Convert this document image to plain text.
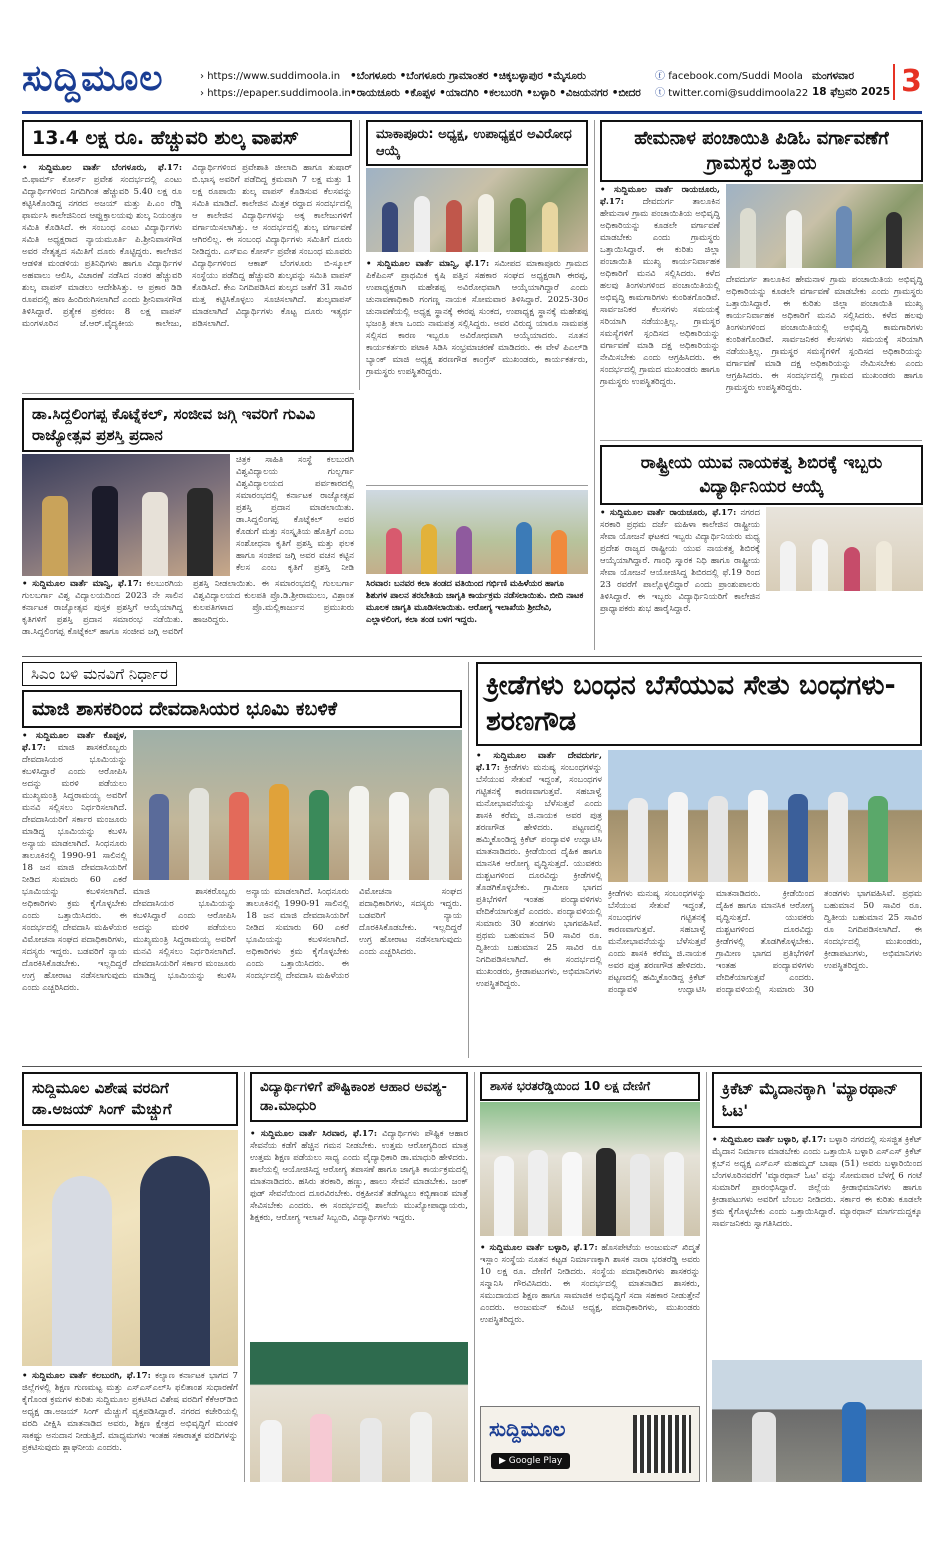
ಸುದ್ದಿಮೂಲ	› https://www.suddimoola.in
› https://epaper.suddimoola.in
•ಬೆಂಗಳೂರು •ಬೆಂಗಳೂರು ಗ್ರಾಮಾಂತರ •ಚಿಕ್ಕಬಳ್ಳಾಪುರ •ಮೈಸೂರು
•ರಾಯಚೂರು •ಕೊಪ್ಪಳ •ಯಾದಗಿರಿ •ಕಲಬುರಗಿ •ಬಳ್ಳಾರಿ •ವಿಜಯನಗರ •ಬೀದರ
ⓕ facebook.com/Suddi Moola
ⓣ twitter.comi@suddimoola22
ಮಂಗಳವಾರ
18 ಫೆಬ್ರವರಿ 2025 3
13.4 ಲಕ್ಷ ರೂ. ಹೆಚ್ಚುವರಿ ಶುಲ್ಕ ವಾಪಸ್
• ಸುದ್ದಿಮೂಲ ವಾರ್ತೆ ಬೆಂಗಳೂರು, ಫೆ.17: ಬಿ.ಫಾರ್ಮ್ ಕೋರ್ಸ್ ಪ್ರವೇಶ ಸಂದರ್ಭದಲ್ಲಿ ಎಂಟು ವಿದ್ಯಾರ್ಥಿಗಳಿಂದ ನಿಗದಿಗಿಂತ ಹೆಚ್ಚುವರಿ 5.40 ಲಕ್ಷ ರೂ ಕಟ್ಟಿಸಿಕೊಂಡಿದ್ದ ನಗರದ ಅಜಯ್‌ ಮತ್ತು ಪಿ.ಎಂ ರೆಡ್ಡಿ ಫಾರ್ಮಸಿ ಕಾಲೇಜಿನಿಂದ ಆಪ್ಷುಕ್ತಾಲಯವು ಶುಲ್ಕ ನಿಯಂತ್ರಣ ಸಮಿತಿ ಕೊಡಿಸಿದೆ. ಈ ಸಂಬಂಧ ಎಂಟು ವಿದ್ಯಾರ್ಥಿಗಳು ಸಮಿತಿ ಅಧ್ಯಕ್ಷರಾದ ನ್ಯಾಯಮೂರ್ತಿ ಪಿ.ಶ್ರೀನಿವಾಸಗೌಡ ಅವರ ನೇತೃತ್ವದ ಸಮಿತಿಗೆ ದೂರು ಕೊಟ್ಟಿದ್ದರು. ಕಾಲೇಜಿನ ಆಡಳಿತ ಮಂಡಳಿಯ ಪ್ರತಿನಿಧಿಗಳು ಹಾಗೂ ವಿದ್ಯಾರ್ಥಿಗಳ ಅಹವಾಲು ಆಲಿಸಿ, ವಿಚಾರಣೆ ನಡೆಸಿದ ನಂತರ ಹೆಚ್ಚುವರಿ ಶುಲ್ಕ ವಾಪಸ್‌ ಮಾಡಲು ಆದೇಶಿಸಿತ್ತು. ಆ ಪ್ರಕಾರ ಡಿಡಿ ರೂಪದಲ್ಲಿ ಹಣ ಹಿಂದಿರುಗಿಸಲಾಗಿದೆ ಎಂದು ಶ್ರೀನಿವಾಸಗೌಡ ತಿಳಿಸಿದ್ದಾರೆ. ಪ್ರತ್ಯೇಕ ಪ್ರಕರಣ: 8 ಲಕ್ಷ ವಾಪಸ್ ಮಂಗಳೂರಿನ ಜೆ.ಆರ್.ವೈದ್ಯಕೀಯ ಕಾಲೇಜು, ವಿದ್ಯಾರ್ಥಿಗಳಿಂದ ಪ್ರವೇಶಾತಿ ಜೀಲಾದಿ ಹಾಗೂ ತುಷಾರ್ ಬಿ.ಭಾಸ್ಕ ಅವರಿಗೆ ಪಡೆದಿದ್ದ ಕ್ರಮವಾಗಿ 7 ಲಕ್ಷ ಮತ್ತು 1 ಲಕ್ಷ ರೂಪಾಯಿ ಶುಲ್ಕ ವಾಪಸ್ ಕೊಡಿಸುವ ಕೆಲಸವನ್ನು ಸಮಿತಿ ಮಾಡಿದೆ. ಕಾಲೇಜಿನ ಮಿತ್ತಕ ರದ್ದಾದ ಸಂದರ್ಭದಲ್ಲಿ ಆ ಕಾಲೇಜಿನ ವಿದ್ಯಾರ್ಥಿಗಳನ್ನು ಅಕ್ಕ ಕಾಲೇಜುಗಳಿಗೆ ವರ್ಗಾಯಿಸಲಾಗಿತ್ತು. ಆ ಸಂದರ್ಭದಲ್ಲಿ ಶುಲ್ಕ ವರ್ಗಾವಣೆ ಆಗಿರಲಿಲ್ಲ. ಈ ಸಂಬಂಧ ವಿದ್ಯಾರ್ಥಿಗಳು ಸಮಿತಿಗೆ ದೂರು ನೀಡಿದ್ದರು. ಎಸ್ಐಎ ಕೋರ್ಸ್ ಪ್ರವೇಶ ಸಂಬಂಧ ಮೂವರು ವಿದ್ಯಾರ್ಥಿಗಳಿಂದ ಆಕಾಶ್ ಬೆಂಗಳೂರು ಬಿ-ಸ್ಕೂಲ್ ಸಂಸ್ಥೆಯು ಪಡೆದಿದ್ದ ಹೆಚ್ಚುವರಿ ಶುಲ್ಕವನ್ನು ಸಮಿತಿ ವಾಪಸ್ ಕೊಡಿಸಿದೆ. ಕೇಎ ನಿಗದಿಪಡಿಸಿದ ಶುಲ್ಕದ ಜತೆಗೆ 31 ಸಾವಿರ ಮತ್ತ ಕಟ್ಟಿಸಿಕೊಳ್ಳಲು ಸೂಚಿಸಲಾಗಿದೆ. ಶುಲ್ಕವಾಪಸ್ ಮಾಡಲಾಗಿದೆ ವಿದ್ಯಾರ್ಥಿಗಳು ಕೊಟ್ಟ ದೂರು ಇತ್ಯರ್ಥ ಪಡಿಸಲಾಗಿದೆ.
ಮಾಕಾಪೂರು: ಅಧ್ಯಕ್ಷ, ಉಪಾಧ್ಯಕ್ಷರ ಅವಿರೋಧ ಆಯ್ಕೆ
• ಸುದ್ದಿಮೂಲ ವಾರ್ತೆ ಮಾನ್ವಿ, ಫೆ.17: ಸಮೀಪದ ಮಾಕಾಪೂರು ಗ್ರಾಮದ ಪಿಕೆಪಿಎಸ್ ಪ್ರಾಥಮಿಕ ಕೃಷಿ ಪತ್ತಿನ ಸಹಕಾರ ಸಂಘದ ಅಧ್ಯಕ್ಷರಾಗಿ ಈರಪ್ಪ, ಉಪಾಧ್ಯಕ್ಷರಾಗಿ ಮಹೇಶಪ್ಪ ಅವಿರೋಧವಾಗಿ ಆಯ್ಕೆಯಾಗಿದ್ದಾರೆ ಎಂದು ಚುನಾವಣಾಧಿಕಾರಿ ಗಂಗಣ್ಣ ನಾಯಕ ಸೋಮವಾರ ತಿಳಿಸಿದ್ದಾರೆ. 2025-30ರ ಚುನಾವಣೆಯಲ್ಲಿ ಅಧ್ಯಕ್ಷ ಸ್ಥಾನಕ್ಕೆ ಈರಪ್ಪ ಸುಂಕದ, ಉಪಾಧ್ಯಕ್ಷ ಸ್ಥಾನಕ್ಕೆ ಮಹೇಶಪ್ಪ ಭಜಂತ್ರಿ ತಲಾ ಒಂದು ನಾಮಪತ್ರ ಸಲ್ಲಿಸಿದ್ದರು. ಅವರ ವಿರುದ್ಧ ಯಾರೂ ನಾಮಪತ್ರ ಸಲ್ಲಿಸದ ಕಾರಣ ಇಬ್ಬರೂ ಅವಿರೋಧವಾಗಿ ಆಯ್ಕೆಯಾದರು. ನೂತನ ಕಾರ್ಯಕರ್ತರು ಪಟಾಕಿ ಸಿಡಿಸಿ ಸಂಭ್ರಮಾಚರಣೆ ಮಾಡಿದರು. ಈ ವೇಳೆ ಪಿಎಲ್‌ಡಿ ಬ್ಯಾಂಕ್ ಮಾಜಿ ಅಧ್ಯಕ್ಷ ಶರಣಗೌಡ ಕಾಂಗ್ರೆಸ್ ಮುಖಂಡರು, ಕಾರ್ಯಕರ್ತರು, ಗ್ರಾಮಸ್ಥರು ಉಪಸ್ಥಿತರಿದ್ದರು.
ಹೇಮನಾಳ ಪಂಚಾಯಿತಿ ಪಿಡಿಓ ವರ್ಗಾವಣೆಗೆ ಗ್ರಾಮಸ್ಥರ ಒತ್ತಾಯ
• ಸುದ್ದಿಮೂಲ ವಾರ್ತೆ ರಾಯಚೂರು, ಫೆ.17: ದೇವದುರ್ಗ ತಾಲೂಕಿನ ಹೇಮನಾಳ ಗ್ರಾಮ ಪಂಚಾಯಿತಿಯ ಅಭಿವೃದ್ಧಿ ಅಧಿಕಾರಿಯನ್ನು ಕೂಡಲೇ ವರ್ಗಾವಣೆ ಮಾಡಬೇಕು ಎಂದು ಗ್ರಾಮಸ್ಥರು ಒತ್ತಾಯಿಸಿದ್ದಾರೆ. ಈ ಕುರಿತು ಜಿಲ್ಲಾ ಪಂಚಾಯಿತಿ ಮುಖ್ಯ ಕಾರ್ಯನಿರ್ವಾಹಕ ಅಧಿಕಾರಿಗೆ ಮನವಿ ಸಲ್ಲಿಸಿದರು. ಕಳೆದ ಹಲವು ತಿಂಗಳುಗಳಿಂದ ಪಂಚಾಯಿತಿಯಲ್ಲಿ ಅಭಿವೃದ್ಧಿ ಕಾಮಗಾರಿಗಳು ಕುಂಠಿತಗೊಂಡಿವೆ. ಸಾರ್ವಜನಿಕರ ಕೆಲಸಗಳು ಸಮಯಕ್ಕೆ ಸರಿಯಾಗಿ ನಡೆಯುತ್ತಿಲ್ಲ. ಗ್ರಾಮಸ್ಥರ ಸಮಸ್ಯೆಗಳಿಗೆ ಸ್ಪಂದಿಸದ ಅಧಿಕಾರಿಯನ್ನು ವರ್ಗಾವಣೆ ಮಾಡಿ ದಕ್ಷ ಅಧಿಕಾರಿಯನ್ನು ನೇಮಿಸಬೇಕು ಎಂದು ಆಗ್ರಹಿಸಿದರು. ಈ ಸಂದರ್ಭದಲ್ಲಿ ಗ್ರಾಮದ ಮುಖಂಡರು ಹಾಗೂ ಗ್ರಾಮಸ್ಥರು ಉಪಸ್ಥಿತರಿದ್ದರು.
ದೇವದುರ್ಗ ತಾಲೂಕಿನ ಹೇಮನಾಳ ಗ್ರಾಮ ಪಂಚಾಯಿತಿಯ ಅಭಿವೃದ್ಧಿ ಅಧಿಕಾರಿಯನ್ನು ಕೂಡಲೇ ವರ್ಗಾವಣೆ ಮಾಡಬೇಕು ಎಂದು ಗ್ರಾಮಸ್ಥರು ಒತ್ತಾಯಿಸಿದ್ದಾರೆ. ಈ ಕುರಿತು ಜಿಲ್ಲಾ ಪಂಚಾಯಿತಿ ಮುಖ್ಯ ಕಾರ್ಯನಿರ್ವಾಹಕ ಅಧಿಕಾರಿಗೆ ಮನವಿ ಸಲ್ಲಿಸಿದರು. ಕಳೆದ ಹಲವು ತಿಂಗಳುಗಳಿಂದ ಪಂಚಾಯಿತಿಯಲ್ಲಿ ಅಭಿವೃದ್ಧಿ ಕಾಮಗಾರಿಗಳು ಕುಂಠಿತಗೊಂಡಿವೆ. ಸಾರ್ವಜನಿಕರ ಕೆಲಸಗಳು ಸಮಯಕ್ಕೆ ಸರಿಯಾಗಿ ನಡೆಯುತ್ತಿಲ್ಲ. ಗ್ರಾಮಸ್ಥರ ಸಮಸ್ಯೆಗಳಿಗೆ ಸ್ಪಂದಿಸದ ಅಧಿಕಾರಿಯನ್ನು ವರ್ಗಾವಣೆ ಮಾಡಿ ದಕ್ಷ ಅಧಿಕಾರಿಯನ್ನು ನೇಮಿಸಬೇಕು ಎಂದು ಆಗ್ರಹಿಸಿದರು. ಈ ಸಂದರ್ಭದಲ್ಲಿ ಗ್ರಾಮದ ಮುಖಂಡರು ಹಾಗೂ ಗ್ರಾಮಸ್ಥರು ಉಪಸ್ಥಿತರಿದ್ದರು.
ಡಾ.ಸಿದ್ದಲಿಂಗಪ್ಪ ಕೊಟ್ನೆಕಲ್, ಸಂಜೀವ ಜಗ್ಗಿ ಇವರಿಗೆ ಗುವಿವಿ ರಾಜ್ಯೋತ್ಸವ ಪ್ರಶಸ್ತಿ ಪ್ರದಾನ
ಚಿತ್ರಕ ಸಾಹಿತಿ ಸಂಸ್ಥೆ ಕಲಬುರಗಿ ವಿಶ್ವವಿದ್ಯಾಲಯ ಗುಲ್ಬರ್ಗಾ ವಿಶ್ವವಿದ್ಯಾಲಯದ ಪರ್ವಕಾರದಲ್ಲಿ ಸಮಾರಂಭದಲ್ಲಿ ಕರ್ನಾಟಕ ರಾಜ್ಯೋತ್ಸವ ಪ್ರಶಸ್ತಿ ಪ್ರದಾನ ಮಾಡಲಾಯಿತು. ಡಾ.ಸಿದ್ದಲಿಂಗಪ್ಪ ಕೊಟ್ನೆಕಲ್ ಅವರ ಕೊಡುಗೆ ಮತ್ತು ಸಂಸ್ಕೃತಿಯ ಹೊತ್ತಿಗೆ ಎಂಬ ಸಂಶೋಧನಾ ಕೃತಿಗೆ ಪ್ರಶಸ್ತಿ ಮತ್ತು ಫಲಕ ಹಾಗೂ ಸಂಜೀವ ಜಗ್ಗಿ ಅವರ ವಚನ ಕಟ್ಟಿನ ಕೆಲಸ ಎಂಬ ಕೃತಿಗೆ ಪ್ರಶಸ್ತಿ ನೀಡಿ
• ಸುದ್ದಿಮೂಲ ವಾರ್ತೆ ಮಾನ್ವಿ, ಫೆ.17: ಕಲಬುರಗಿಯ ಗುಲಬರ್ಗಾ ವಿಶ್ವ ವಿದ್ಯಾಲಯದಿಂದ 2023 ನೇ ಸಾಲಿನ ಕರ್ನಾಟಕ ರಾಜ್ಯೋತ್ಸವ ಪುಸ್ತಕ ಪ್ರಶಸ್ತಿಗೆ ಆಯ್ಕೆಯಾಗಿದ್ದ ಕೃತಿಗಳಿಗೆ ಪ್ರಶಸ್ತಿ ಪ್ರದಾನ ಸಮಾರಂಭ ನಡೆಯಿತು. ಡಾ.ಸಿದ್ದಲಿಂಗಪ್ಪ ಕೊಟ್ನೆಕಲ್ ಹಾಗೂ ಸಂಜೀವ ಜಗ್ಗಿ ಅವರಿಗೆ ಪ್ರಶಸ್ತಿ ನೀಡಲಾಯಿತು. ಈ ಸಮಾರಂಭದಲ್ಲಿ ಗುಲಬರ್ಗಾ ವಿಶ್ವವಿದ್ಯಾಲಯದ ಕುಲಪತಿ ಪ್ರೊ.ಡಿ.ಶ್ರೀರಾಮುಲು, ವಿಶ್ರಾಂತ ಕುಲಪತಿಗಳಾದ ಪ್ರೊ.ಮಲ್ಲಿಕಾರ್ಜುನ ಪ್ರಮುಖರು ಹಾಜರಿದ್ದರು.
ಸಿರವಾರ: ಬನವರ ಕಲಾ ತಂಡದ ವತಿಯಿಂದ ಗರ್ಭಿಣಿ ಮಹಿಳೆಯರ ಹಾಗೂ ಶಿಶುಗಳ ಪಾಲನ ತರಬೇತಿಯ ಜಾಗೃತಿ ಕಾರ್ಯಕ್ರಮ ನಡೆಸಲಾಯಿತು. ಬೀದಿ ನಾಟಕ ಮೂಲಕ ಜಾಗೃತಿ ಮೂಡಿಸಲಾಯಿತು. ಆರೋಗ್ಯ ಇಲಾಖೆಯ ಶ್ರೀದೇವಿ, ಎಲ್ಲಾಳಲಿಂಗ, ಕಲಾ ತಂಡ ಬಳಗ ಇದ್ದರು.
ರಾಷ್ಟ್ರೀಯ ಯುವ ನಾಯಕತ್ವ ಶಿಬಿರಕ್ಕೆ ಇಬ್ಬರು ವಿದ್ಯಾರ್ಥಿನಿಯರ ಆಯ್ಕೆ
• ಸುದ್ದಿಮೂಲ ವಾರ್ತೆ ರಾಯಚೂರು, ಫೆ.17: ನಗರದ ಸರಕಾರಿ ಪ್ರಥಮ ದರ್ಜೆ ಮಹಿಳಾ ಕಾಲೇಜಿನ ರಾಷ್ಟ್ರೀಯ ಸೇವಾ ಯೋಜನೆ ಘಟಕದ ಇಬ್ಬರು ವಿದ್ಯಾರ್ಥಿನಿಯರು ಮಧ್ಯ ಪ್ರದೇಶ ರಾಜ್ಯದ ರಾಷ್ಟ್ರೀಯ ಯುವ ನಾಯಕತ್ವ ಶಿಬಿರಕ್ಕೆ ಆಯ್ಕೆಯಾಗಿದ್ದಾರೆ. ಗಾಂಧಿ ಸ್ಮಾರಕ ನಿಧಿ ಹಾಗೂ ರಾಷ್ಟ್ರೀಯ ಸೇವಾ ಯೋಜನೆ ಆಯೋಜಿಸಿದ್ದ ಶಿಬಿರದಲ್ಲಿ ಫೆ.19 ರಿಂದ 23 ರವರೆಗೆ ಪಾಲ್ಗೊಳ್ಳಲಿದ್ದಾರೆ ಎಂದು ಪ್ರಾಂಶುಪಾಲರು ತಿಳಿಸಿದ್ದಾರೆ. ಈ ಇಬ್ಬರು ವಿದ್ಯಾರ್ಥಿನಿಯರಿಗೆ ಕಾಲೇಜಿನ ಪ್ರಾಧ್ಯಾಪಕರು ಶುಭ ಹಾರೈಸಿದ್ದಾರೆ.
ಸಿಎಂ ಬಳಿ ಮನವಿಗೆ ನಿರ್ಧಾರ
ಮಾಜಿ ಶಾಸಕರಿಂದ ದೇವದಾಸಿಯರ ಭೂಮಿ ಕಬಳಿಕೆ
• ಸುದ್ದಿಮೂಲ ವಾರ್ತೆ ಕೊಪ್ಪಳ, ಫೆ.17: ಮಾಜಿ ಶಾಸಕರೊಬ್ಬರು ದೇವದಾಸಿಯರ ಭೂಮಿಯನ್ನು ಕಬಳಿಸಿದ್ದಾರೆ ಎಂದು ಆರೋಪಿಸಿ ಅದನ್ನು ಮರಳಿ ಪಡೆಯಲು ಮುಖ್ಯಮಂತ್ರಿ ಸಿದ್ದರಾಮಯ್ಯ ಅವರಿಗೆ ಮನವಿ ಸಲ್ಲಿಸಲು ನಿರ್ಧರಿಸಲಾಗಿದೆ. ದೇವದಾಸಿಯರಿಗೆ ಸರ್ಕಾರ ಮಂಜೂರು ಮಾಡಿದ್ದ ಭೂಮಿಯನ್ನು ಕಬಳಿಸಿ ಅನ್ಯಾಯ ಮಾಡಲಾಗಿದೆ. ಸಿಂಧನೂರು ತಾಲೂಕಿನಲ್ಲಿ 1990-91 ಸಾಲಿನಲ್ಲಿ 18 ಜನ ಮಾಜಿ ದೇವದಾಸಿಯರಿಗೆ ನೀಡಿದ ಸುಮಾರು 60 ಎಕರೆ ಭೂಮಿಯನ್ನು ಕಬಳಿಸಲಾಗಿದೆ. ಅಧಿಕಾರಿಗಳು ಕ್ರಮ ಕೈಗೊಳ್ಳಬೇಕು ಎಂದು ಒತ್ತಾಯಿಸಿದರು. ಈ ಸಂದರ್ಭದಲ್ಲಿ ದೇವದಾಸಿ ಮಹಿಳೆಯರ ವಿಮೋಚನಾ ಸಂಘದ ಪದಾಧಿಕಾರಿಗಳು, ಸದಸ್ಯರು ಇದ್ದರು. ಬಡವರಿಗೆ ನ್ಯಾಯ ದೊರಕಿಸಿಕೊಡಬೇಕು. ಇಲ್ಲದಿದ್ದರೆ ಉಗ್ರ ಹೋರಾಟ ನಡೆಸಲಾಗುವುದು ಎಂದು ಎಚ್ಚರಿಸಿದರು.
ಮಾಜಿ ಶಾಸಕರೊಬ್ಬರು ದೇವದಾಸಿಯರ ಭೂಮಿಯನ್ನು ಕಬಳಿಸಿದ್ದಾರೆ ಎಂದು ಆರೋಪಿಸಿ ಅದನ್ನು ಮರಳಿ ಪಡೆಯಲು ಮುಖ್ಯಮಂತ್ರಿ ಸಿದ್ದರಾಮಯ್ಯ ಅವರಿಗೆ ಮನವಿ ಸಲ್ಲಿಸಲು ನಿರ್ಧರಿಸಲಾಗಿದೆ. ದೇವದಾಸಿಯರಿಗೆ ಸರ್ಕಾರ ಮಂಜೂರು ಮಾಡಿದ್ದ ಭೂಮಿಯನ್ನು ಕಬಳಿಸಿ ಅನ್ಯಾಯ ಮಾಡಲಾಗಿದೆ. ಸಿಂಧನೂರು ತಾಲೂಕಿನಲ್ಲಿ 1990-91 ಸಾಲಿನಲ್ಲಿ 18 ಜನ ಮಾಜಿ ದೇವದಾಸಿಯರಿಗೆ ನೀಡಿದ ಸುಮಾರು 60 ಎಕರೆ ಭೂಮಿಯನ್ನು ಕಬಳಿಸಲಾಗಿದೆ. ಅಧಿಕಾರಿಗಳು ಕ್ರಮ ಕೈಗೊಳ್ಳಬೇಕು ಎಂದು ಒತ್ತಾಯಿಸಿದರು. ಈ ಸಂದರ್ಭದಲ್ಲಿ ದೇವದಾಸಿ ಮಹಿಳೆಯರ ವಿಮೋಚನಾ ಸಂಘದ ಪದಾಧಿಕಾರಿಗಳು, ಸದಸ್ಯರು ಇದ್ದರು. ಬಡವರಿಗೆ ನ್ಯಾಯ ದೊರಕಿಸಿಕೊಡಬೇಕು. ಇಲ್ಲದಿದ್ದರೆ ಉಗ್ರ ಹೋರಾಟ ನಡೆಸಲಾಗುವುದು ಎಂದು ಎಚ್ಚರಿಸಿದರು.
ಕ್ರೀಡೆಗಳು ಬಂಧನ ಬೆಸೆಯುವ ಸೇತು ಬಂಧಗಳು-ಶರಣಗೌಡ
• ಸುದ್ದಿಮೂಲ ವಾರ್ತೆ ದೇವದುರ್ಗ, ಫೆ.17: ಕ್ರೀಡೆಗಳು ಮನುಷ್ಯ ಸಂಬಂಧಗಳನ್ನು ಬೆಸೆಯುವ ಸೇತುವೆ ಇದ್ದಂತೆ, ಸಂಬಂಧಗಳ ಗಟ್ಟಿತನಕ್ಕೆ ಕಾರಣವಾಗುತ್ತವೆ. ಸಹಬಾಳ್ವೆ ಮನೋಭಾವನೆಯನ್ನು ಬೆಳೆಸುತ್ತವೆ ಎಂದು ಶಾಸಕಿ ಕರೆಮ್ಮ ಜಿ.ನಾಯಕ ಅವರ ಪುತ್ರ ಶರಣಗೌಡ ಹೇಳಿದರು. ಪಟ್ಟಣದಲ್ಲಿ ಹಮ್ಮಿಕೊಂಡಿದ್ದ ಕ್ರಿಕೆಟ್ ಪಂದ್ಯಾವಳಿ ಉದ್ಘಾಟಿಸಿ ಮಾತನಾಡಿದರು. ಕ್ರೀಡೆಯಿಂದ ದೈಹಿಕ ಹಾಗೂ ಮಾನಸಿಕ ಆರೋಗ್ಯ ವೃದ್ಧಿಸುತ್ತದೆ. ಯುವಕರು ದುಶ್ಚಟಗಳಿಂದ ದೂರವಿದ್ದು ಕ್ರೀಡೆಗಳಲ್ಲಿ ತೊಡಗಿಕೊಳ್ಳಬೇಕು. ಗ್ರಾಮೀಣ ಭಾಗದ ಪ್ರತಿಭೆಗಳಿಗೆ ಇಂತಹ ಪಂದ್ಯಾವಳಿಗಳು ವೇದಿಕೆಯಾಗುತ್ತವೆ ಎಂದರು. ಪಂದ್ಯಾವಳಿಯಲ್ಲಿ ಸುಮಾರು 30 ತಂಡಗಳು ಭಾಗವಹಿಸಿವೆ. ಪ್ರಥಮ ಬಹುಮಾನ 50 ಸಾವಿರ ರೂ. ದ್ವಿತೀಯ ಬಹುಮಾನ 25 ಸಾವಿರ ರೂ ನಿಗದಿಪಡಿಸಲಾಗಿದೆ. ಈ ಸಂದರ್ಭದಲ್ಲಿ ಮುಖಂಡರು, ಕ್ರೀಡಾಪಟುಗಳು, ಅಭಿಮಾನಿಗಳು ಉಪಸ್ಥಿತರಿದ್ದರು.
ಕ್ರೀಡೆಗಳು ಮನುಷ್ಯ ಸಂಬಂಧಗಳನ್ನು ಬೆಸೆಯುವ ಸೇತುವೆ ಇದ್ದಂತೆ, ಸಂಬಂಧಗಳ ಗಟ್ಟಿತನಕ್ಕೆ ಕಾರಣವಾಗುತ್ತವೆ. ಸಹಬಾಳ್ವೆ ಮನೋಭಾವನೆಯನ್ನು ಬೆಳೆಸುತ್ತವೆ ಎಂದು ಶಾಸಕಿ ಕರೆಮ್ಮ ಜಿ.ನಾಯಕ ಅವರ ಪುತ್ರ ಶರಣಗೌಡ ಹೇಳಿದರು. ಪಟ್ಟಣದಲ್ಲಿ ಹಮ್ಮಿಕೊಂಡಿದ್ದ ಕ್ರಿಕೆಟ್ ಪಂದ್ಯಾವಳಿ ಉದ್ಘಾಟಿಸಿ ಮಾತನಾಡಿದರು. ಕ್ರೀಡೆಯಿಂದ ದೈಹಿಕ ಹಾಗೂ ಮಾನಸಿಕ ಆರೋಗ್ಯ ವೃದ್ಧಿಸುತ್ತದೆ. ಯುವಕರು ದುಶ್ಚಟಗಳಿಂದ ದೂರವಿದ್ದು ಕ್ರೀಡೆಗಳಲ್ಲಿ ತೊಡಗಿಕೊಳ್ಳಬೇಕು. ಗ್ರಾಮೀಣ ಭಾಗದ ಪ್ರತಿಭೆಗಳಿಗೆ ಇಂತಹ ಪಂದ್ಯಾವಳಿಗಳು ವೇದಿಕೆಯಾಗುತ್ತವೆ ಎಂದರು. ಪಂದ್ಯಾವಳಿಯಲ್ಲಿ ಸುಮಾರು 30 ತಂಡಗಳು ಭಾಗವಹಿಸಿವೆ. ಪ್ರಥಮ ಬಹುಮಾನ 50 ಸಾವಿರ ರೂ. ದ್ವಿತೀಯ ಬಹುಮಾನ 25 ಸಾವಿರ ರೂ ನಿಗದಿಪಡಿಸಲಾಗಿದೆ. ಈ ಸಂದರ್ಭದಲ್ಲಿ ಮುಖಂಡರು, ಕ್ರೀಡಾಪಟುಗಳು, ಅಭಿಮಾನಿಗಳು ಉಪಸ್ಥಿತರಿದ್ದರು.
ಸುದ್ದಿಮೂಲ ವಿಶೇಷ ವರದಿಗೆ ಡಾ.ಅಜಯ್ ಸಿಂಗ್ ಮೆಚ್ಚುಗೆ
• ಸುದ್ದಿಮೂಲ ವಾರ್ತೆ ಕಲಬುರಗಿ, ಫೆ.17: ಕಲ್ಯಾಣ ಕರ್ನಾಟಕ ಭಾಗದ 7 ಜಿಲ್ಲೆಗಳಲ್ಲಿ ಶಿಕ್ಷಣ ಗುಣಮಟ್ಟ ಮತ್ತು ಎಸ್ಎಸ್ಎಲ್‌ಸಿ ಫಲಿತಾಂಶ ಸುಧಾರಣೆಗೆ ಕೈಗೊಂಡ ಕ್ರಮಗಳ ಕುರಿತು ಸುದ್ದಿಮೂಲ ಪ್ರಕಟಿಸಿದ ವಿಶೇಷ ವರದಿಗೆ ಕೆಕೆಆರ್‌ಡಿಬಿ ಅಧ್ಯಕ್ಷ ಡಾ.ಅಜಯ್ ಸಿಂಗ್ ಮೆಚ್ಚುಗೆ ವ್ಯಕ್ತಪಡಿಸಿದ್ದಾರೆ. ನಗರದ ಕಚೇರಿಯಲ್ಲಿ ವರದಿ ವೀಕ್ಷಿಸಿ ಮಾತನಾಡಿದ ಅವರು, ಶಿಕ್ಷಣ ಕ್ಷೇತ್ರದ ಅಭಿವೃದ್ಧಿಗೆ ಮಂಡಳಿ ಸಾಕಷ್ಟು ಅನುದಾನ ನೀಡುತ್ತಿದೆ. ಮಾಧ್ಯಮಗಳು ಇಂತಹ ಸಕಾರಾತ್ಮಕ ವರದಿಗಳನ್ನು ಪ್ರಕಟಿಸುವುದು ಶ್ಲಾಘನೀಯ ಎಂದರು.
ವಿದ್ಯಾರ್ಥಿಗಳಿಗೆ ಪೌಷ್ಟಿಕಾಂಶ ಆಹಾರ ಅವಶ್ಯ-ಡಾ.ಮಾಧುರಿ
• ಸುದ್ದಿಮೂಲ ವಾರ್ತೆ ಸಿರವಾರ, ಫೆ.17: ವಿದ್ಯಾರ್ಥಿಗಳು ಪೌಷ್ಟಿಕ ಆಹಾರ ಸೇವನೆಯ ಕಡೆಗೆ ಹೆಚ್ಚಿನ ಗಮನ ನೀಡಬೇಕು. ಉತ್ತಮ ಆರೋಗ್ಯದಿಂದ ಮಾತ್ರ ಉತ್ತಮ ಶಿಕ್ಷಣ ಪಡೆಯಲು ಸಾಧ್ಯ ಎಂದು ವೈದ್ಯಾಧಿಕಾರಿ ಡಾ.ಮಾಧುರಿ ಹೇಳಿದರು. ಶಾಲೆಯಲ್ಲಿ ಆಯೋಜಿಸಿದ್ದ ಆರೋಗ್ಯ ತಪಾಸಣೆ ಹಾಗೂ ಜಾಗೃತಿ ಕಾರ್ಯಕ್ರಮದಲ್ಲಿ ಮಾತನಾಡಿದರು. ಹಸಿರು ತರಕಾರಿ, ಹಣ್ಣು, ಹಾಲು ಸೇವನೆ ಮಾಡಬೇಕು. ಜಂಕ್ ಫುಡ್ ಸೇವನೆಯಿಂದ ದೂರವಿರಬೇಕು. ರಕ್ತಹೀನತೆ ತಡೆಗಟ್ಟಲು ಕಬ್ಬಿಣಾಂಶ ಮಾತ್ರೆ ಸೇವಿಸಬೇಕು ಎಂದರು. ಈ ಸಂದರ್ಭದಲ್ಲಿ ಶಾಲೆಯ ಮುಖ್ಯೋಪಾಧ್ಯಾಯರು, ಶಿಕ್ಷಕರು, ಆರೋಗ್ಯ ಇಲಾಖೆ ಸಿಬ್ಬಂದಿ, ವಿದ್ಯಾರ್ಥಿಗಳು ಇದ್ದರು.
ಶಾಸಕ ಭರತರೆಡ್ಡಿಯಿಂದ 10 ಲಕ್ಷ ದೇಣಿಗೆ
• ಸುದ್ದಿಮೂಲ ವಾರ್ತೆ ಬಳ್ಳಾರಿ, ಫೆ.17: ಹೊಸಪೇಟೆಯ ಅಂಜುಮನ್ ಖಿದ್ಮತೆ ಇಸ್ಲಾಂ ಸಂಸ್ಥೆಯ ನೂತನ ಕಟ್ಟಡ ನಿರ್ಮಾಣಕ್ಕಾಗಿ ಶಾಸಕ ನಾರಾ ಭರತರೆಡ್ಡಿ ಅವರು 10 ಲಕ್ಷ ರೂ. ದೇಣಿಗೆ ನೀಡಿದರು. ಸಂಸ್ಥೆಯ ಪದಾಧಿಕಾರಿಗಳು ಶಾಸಕರನ್ನು ಸನ್ಮಾನಿಸಿ ಗೌರವಿಸಿದರು. ಈ ಸಂದರ್ಭದಲ್ಲಿ ಮಾತನಾಡಿದ ಶಾಸಕರು, ಸಮುದಾಯದ ಶಿಕ್ಷಣ ಹಾಗೂ ಸಾಮಾಜಿಕ ಅಭಿವೃದ್ಧಿಗೆ ಸದಾ ಸಹಕಾರ ನೀಡುತ್ತೇನೆ ಎಂದರು. ಅಂಜುಮನ್ ಕಮಿಟಿ ಅಧ್ಯಕ್ಷ, ಪದಾಧಿಕಾರಿಗಳು, ಮುಖಂಡರು ಉಪಸ್ಥಿತರಿದ್ದರು.
ಸುದ್ದಿಮೂಲ
▶ Google Play
ಕ್ರಿಕೆಟ್ ಮೈದಾನಕ್ಕಾಗಿ 'ಮ್ಯಾರಥಾನ್ ಓಟ'
• ಸುದ್ದಿಮೂಲ ವಾರ್ತೆ ಬಳ್ಳಾರಿ, ಫೆ.17: ಬಳ್ಳಾರಿ ನಗರದಲ್ಲಿ ಸುಸಜ್ಜಿತ ಕ್ರಿಕೆಟ್ ಮೈದಾನ ನಿರ್ಮಾಣ ಮಾಡಬೇಕು ಎಂದು ಒತ್ತಾಯಿಸಿ ಬಳ್ಳಾರಿ ಎಸ್ಎಸ್ ಕ್ರಿಕೆಟ್ ಕ್ಲಬ್‌ನ ಅಧ್ಯಕ್ಷ ಎಸ್ಎಸ್ ಮಹಮ್ಮದ್ ಬಾಷಾ (51) ಅವರು ಬಳ್ಳಾರಿಯಿಂದ ಬೆಂಗಳೂರಿನವರೆಗೆ 'ಮ್ಯಾರಥಾನ್ ಓಟ' ವನ್ನು ಸೋಮವಾರ ಬೆಳಗ್ಗೆ 6 ಗಂಟೆ ಸುಮಾರಿಗೆ ಪ್ರಾರಂಭಿಸಿದ್ದಾರೆ. ಜಿಲ್ಲೆಯ ಕ್ರೀಡಾಭಿಮಾನಿಗಳು ಹಾಗೂ ಕ್ರೀಡಾಪಟುಗಳು ಅವರಿಗೆ ಬೆಂಬಲ ನೀಡಿದರು. ಸರ್ಕಾರ ಈ ಕುರಿತು ಕೂಡಲೇ ಕ್ರಮ ಕೈಗೊಳ್ಳಬೇಕು ಎಂದು ಒತ್ತಾಯಿಸಿದ್ದಾರೆ. ಮ್ಯಾರಥಾನ್ ಮಾರ್ಗದುದ್ದಕ್ಕೂ ಸಾರ್ವಜನಿಕರು ಸ್ವಾಗತಿಸಿದರು.
